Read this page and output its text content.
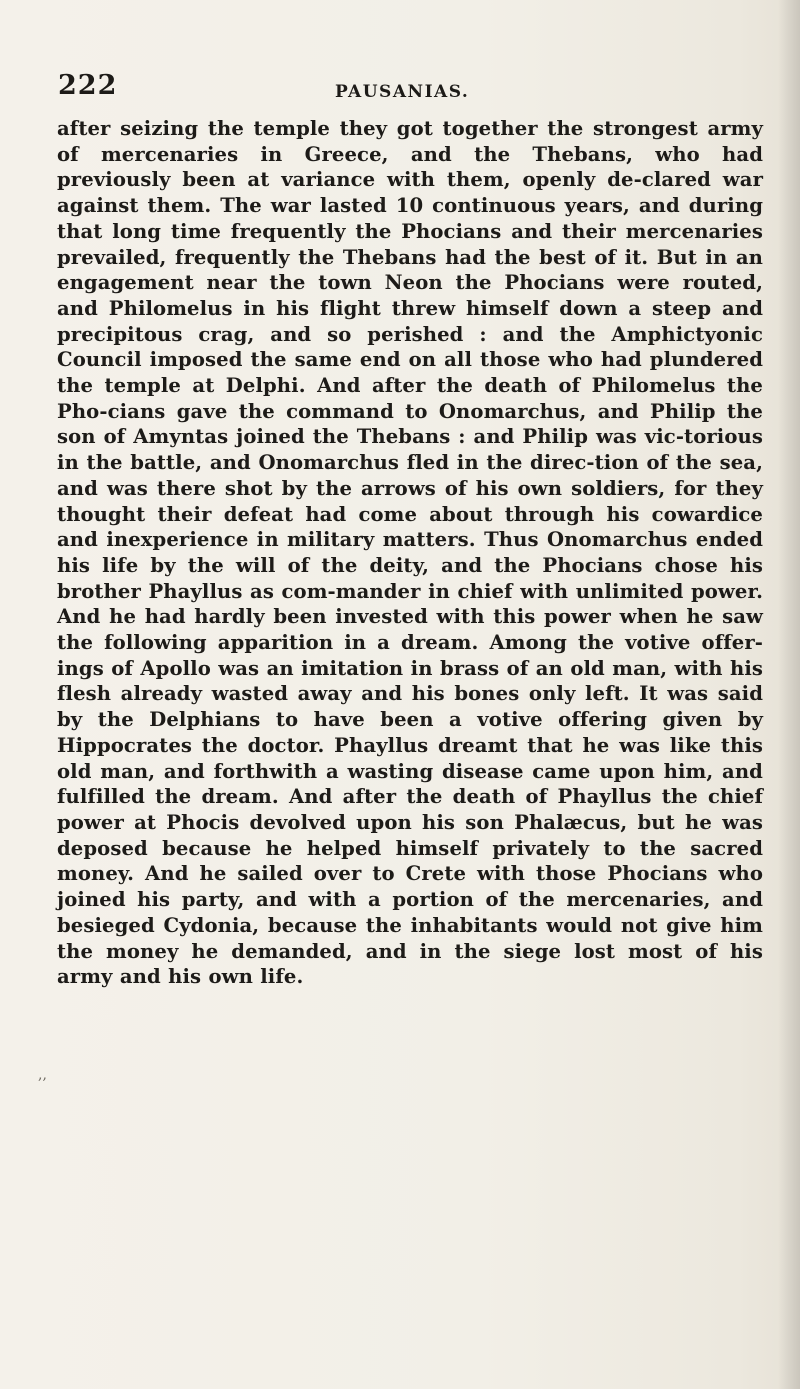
222	PAUSANIAS.

after seizing the temple they got together the strongest army of mercenaries in Greece, and the Thebans, who had previously been at variance with them, openly de-clared war against them. The war lasted 10 continuous years, and during that long time frequently the Phocians and their mercenaries prevailed, frequently the Thebans had the best of it. But in an engagement near the town Neon the Phocians were routed, and Philomelus in his flight threw himself down a steep and precipitous crag, and so perished : and the Amphictyonic Council imposed the same end on all those who had plundered the temple at Delphi. And after the death of Philomelus the Pho-cians gave the command to Onomarchus, and Philip the son of Amyntas joined the Thebans : and Philip was vic-torious in the battle, and Onomarchus fled in the direc-tion of the sea, and was there shot by the arrows of his own soldiers, for they thought their defeat had come about through his cowardice and inexperience in military matters. Thus Onomarchus ended his life by the will of the deity, and the Phocians chose his brother Phayllus as com-mander in chief with unlimited power. And he had hardly been invested with this power when he saw the following apparition in a dream. Among the votive offer-ings of Apollo was an imitation in brass of an old man, with his flesh already wasted away and his bones only left. It was said by the Delphians to have been a votive offering given by Hippocrates the doctor. Phayllus dreamt that he was like this old man, and forthwith a wasting disease came upon him, and fulfilled the dream. And after the death of Phayllus the chief power at Phocis devolved upon his son Phalæcus, but he was deposed because he helped himself privately to the sacred money. And he sailed over to Crete with those Phocians who joined his party, and with a portion of the mercenaries, and besieged Cydonia, because the inhabitants would not give him the money he demanded, and in the siege lost most of his army and his own life.

,,
